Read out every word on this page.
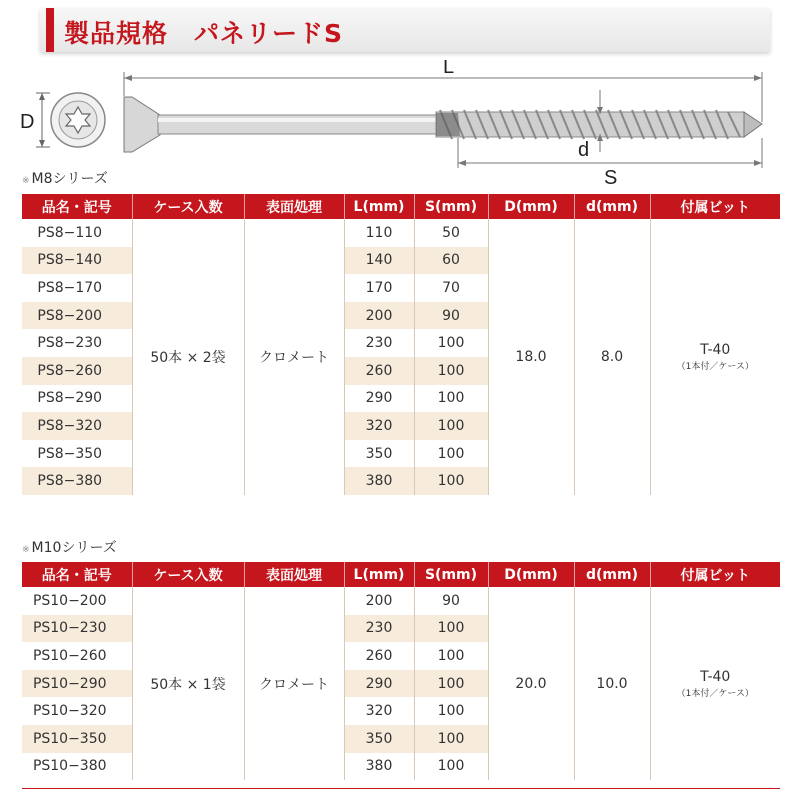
製品規格　パネリードS
D
L
d
S
※ M8シリーズ
品名・記号	ケース入数	表面処理	L(mm)	S(mm)	D(mm)	d(mm)	付属ビット
PS8−110	50本 × 2袋	クロメート	110	50	18.0	8.0	T-40
（1本付／ケース）

PS8−140			140	60			
PS8−170			170	70			
PS8−200			200	90			
PS8−230			230	100			
PS8−260			260	100			
PS8−290			290	100			
PS8−320			320	100			
PS8−350			350	100			
PS8−380			380	100			
※ M10シリーズ
品名・記号	ケース入数	表面処理	L(mm)	S(mm)	D(mm)	d(mm)	付属ビット
PS10−200	50本 × 1袋	クロメート	200	90	20.0	10.0	T-40
（1本付／ケース）

PS10−230			230	100			
PS10−260			260	100			
PS10−290			290	100			
PS10−320			320	100			
PS10−350			350	100			
PS10−380			380	100			
